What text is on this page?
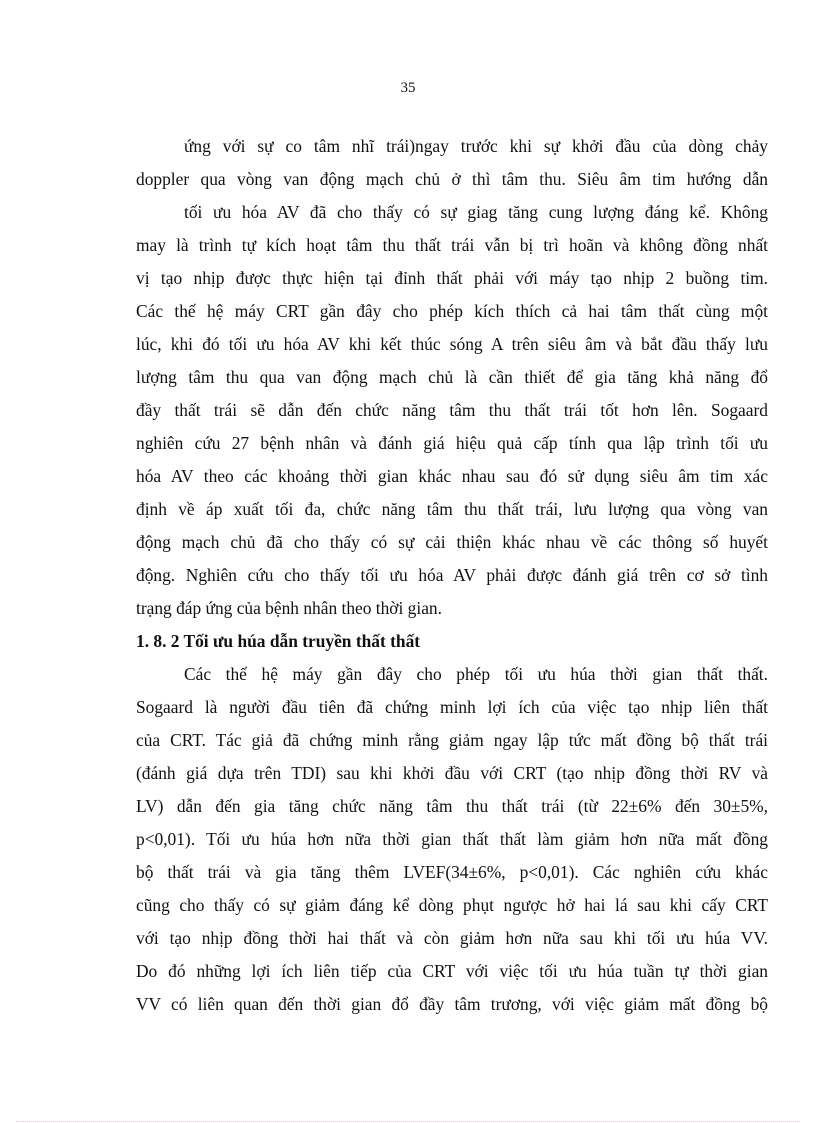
35
ứng với sự co tâm nhĩ trái)ngay trước khi sự khởi đầu của dòng chảy
doppler qua vòng van động mạch chủ ở thì tâm thu. Siêu âm tim hướng dẫn
tối ưu hóa AV đã cho thấy có sự giag tăng cung lượng đáng kể. Không
may là trình tự kích hoạt tâm thu thất trái vẫn bị trì hoãn và không đồng nhất
vị tạo nhịp được thực hiện tại đỉnh thất phải với máy tạo nhịp 2 buồng tim.
Các thế hệ máy CRT gần đây cho phép kích thích cả hai tâm thất cùng một
lúc, khi đó tối ưu hóa AV khi kết thúc sóng A trên siêu âm và bắt đầu thấy lưu
lượng tâm thu qua van động mạch chủ là cần thiết để gia tăng khả năng đổ
đầy thất trái sẽ dẫn đến chức năng tâm thu thất trái tốt hơn lên. Sogaard
nghiên cứu 27 bệnh nhân và đánh giá hiệu quả cấp tính qua lập trình tối ưu
hóa AV theo các khoảng thời gian khác nhau sau đó sử dụng siêu âm tim xác
định về áp xuất tối đa, chức năng tâm thu thất trái, lưu lượng qua vòng van
động mạch chủ đã cho thấy có sự cải thiện khác nhau về các thông số huyết
động. Nghiên cứu cho thấy tối ưu hóa AV phải được đánh giá trên cơ sở tình
trạng đáp ứng của bệnh nhân theo thời gian.
1. 8. 2 Tối ưu húa dẫn truyền thất thất
Các thế hệ máy gần đây cho phép tối ưu húa thời gian thất thất.
Sogaard là người đầu tiên đã chứng minh lợi ích của việc tạo nhịp liên thất
của CRT. Tác giả đã chứng minh rằng giảm ngay lập tức mất đồng bộ thất trái
(đánh giá dựa trên TDI) sau khi khởi đầu với CRT (tạo nhịp đồng thời RV và
LV) dẫn đến gia tăng chức năng tâm thu thất trái (từ 22±6% đến 30±5%,
p<0,01). Tối ưu húa hơn nữa thời gian thất thất làm giảm hơn nữa mất đồng
bộ thất trái và gia tăng thêm LVEF(34±6%, p<0,01). Các nghiên cứu khác
cũng cho thấy có sự giảm đáng kể dòng phụt ngược hở hai lá sau khi cấy CRT
với tạo nhịp đồng thời hai thất và còn giảm hơn nữa sau khi tối ưu húa VV.
Do đó những lợi ích liên tiếp của CRT với việc tối ưu húa tuần tự thời gian
VV có liên quan đến thời gian đổ đầy tâm trương, với việc giảm mất đồng bộ
